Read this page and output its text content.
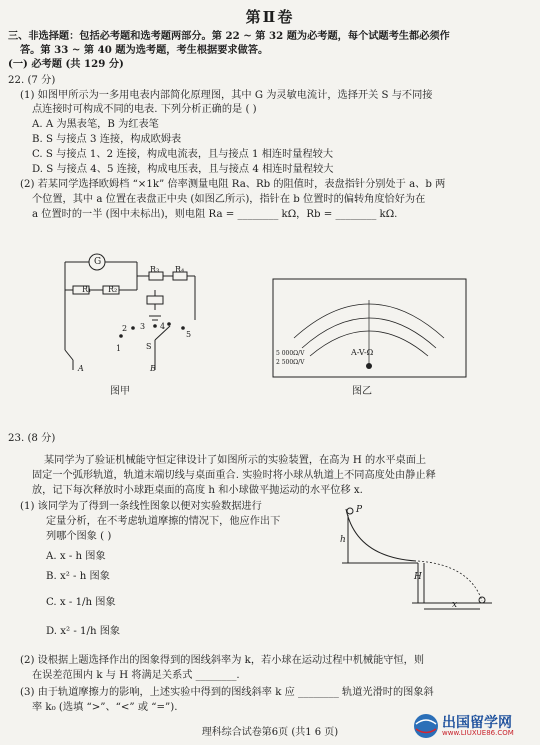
第Ⅱ卷
三、非选择题：包括必考题和选考题两部分。第 22 ~ 第 32 题为必考题，每个试题考生都必须作
答。第 33 ~ 第 40 题为选考题，考生根据要求做答。
(一) 必考题 (共 129 分)
22. (7 分)
(1) 如图甲所示为一多用电表内部简化原理图，其中 G 为灵敏电流计，选择开关 S 与不同接
点连接时可构成不同的电表. 下列分析正确的是 ( )
A. A 为黑表笔，B 为红表笔
B. S 与接点 3 连接，构成欧姆表
C. S 与接点 1、2 连接，构成电流表，且与接点 1 相连时量程较大
D. S 与接点 4、5 连接，构成电压表，且与接点 4 相连时量程较大
(2) 若某同学选择欧姆档 “×1k” 倍率测量电阻 Ra、Rb 的阻值时，表盘指针分别处于 a、b 两
个位置，其中 a 位置在表盘正中央 (如图乙所示)，指针在 b 位置时的偏转角度恰好为在
a 位置时的一半 (图中未标出)，则电阻 Ra = ________ kΩ，Rb = ________ kΩ.
G
R₁ R₂
R₃ R₄
1
2 3 4
5
S
A	B
图甲
A-V-Ω
5 000Ω/V
2 500Ω/V
图乙
23. (8 分)
某同学为了验证机械能守恒定律设计了如图所示的实验装置，在高为 H 的水平桌面上
固定一个弧形轨道，轨道末端切线与桌面重合. 实验时将小球从轨道上不同高度处由静止释
放，记下每次释放时小球距桌面的高度 h 和小球做平抛运动的水平位移 x.
(1) 该同学为了得到一条线性图象以便对实验数据进行
定量分析，在不考虑轨道摩擦的情况下，他应作出下
列哪个图象 ( )
A. x - h 图象
B. x² - h 图象
C. x - 1/h 图象
D. x² - 1/h 图象
P
h
H
x
(2) 设根据上题选择作出的图象得到的图线斜率为 k，若小球在运动过程中机械能守恒，则
在误差范围内 k 与 H 将满足关系式 ________.
(3) 由于轨道摩擦力的影响，上述实验中得到的图线斜率 k 应 ________ 轨道光滑时的图象斜
率 k₀ (选填 “>”、“<” 或 “=”).
理科综合试卷第6页 (共1 6 页)
出国留学网
www.LIUXUE86.COM
